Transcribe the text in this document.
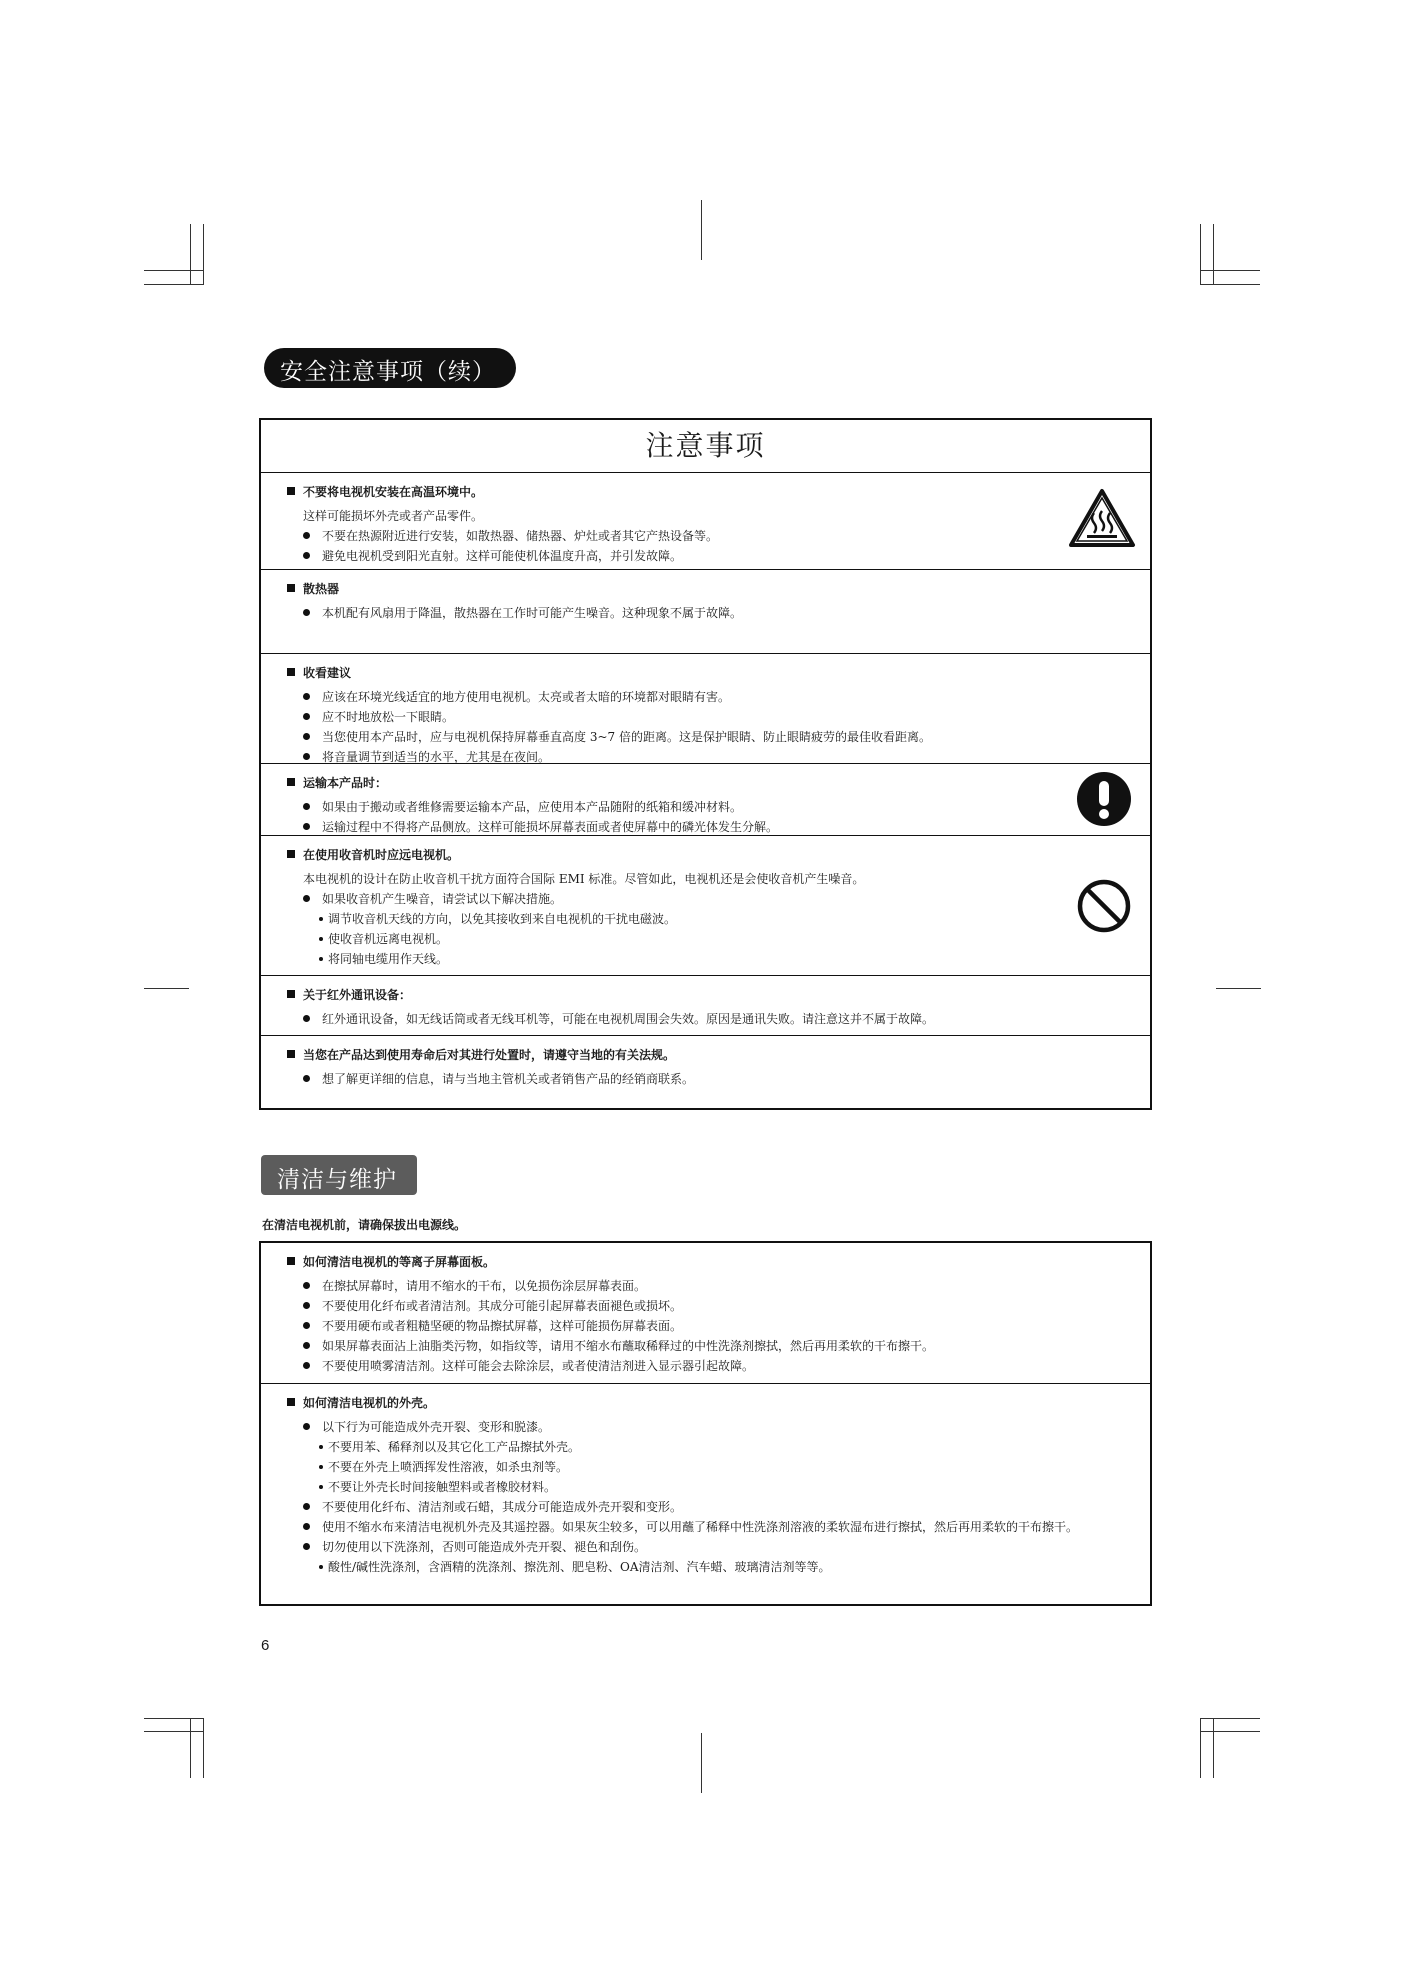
安全注意事项（续）
注意事项
不要将电视机安装在高温环境中。
这样可能损坏外壳或者产品零件。
不要在热源附近进行安装，如散热器、储热器、炉灶或者其它产热设备等。
避免电视机受到阳光直射。这样可能使机体温度升高，并引发故障。
散热器
本机配有风扇用于降温，散热器在工作时可能产生噪音。这种现象不属于故障。
收看建议
应该在环境光线适宜的地方使用电视机。太亮或者太暗的环境都对眼睛有害。
应不时地放松一下眼睛。
当您使用本产品时，应与电视机保持屏幕垂直高度 3~7 倍的距离。这是保护眼睛、防止眼睛疲劳的最佳收看距离。
将音量调节到适当的水平，尤其是在夜间。
运输本产品时：
如果由于搬动或者维修需要运输本产品，应使用本产品随附的纸箱和缓冲材料。
运输过程中不得将产品侧放。这样可能损坏屏幕表面或者使屏幕中的磷光体发生分解。
在使用收音机时应远电视机。
本电视机的设计在防止收音机干扰方面符合国际 EMI 标准。尽管如此，电视机还是会使收音机产生噪音。
如果收音机产生噪音，请尝试以下解决措施。
调节收音机天线的方向，以免其接收到来自电视机的干扰电磁波。
使收音机远离电视机。
将同轴电缆用作天线。
关于红外通讯设备：
红外通讯设备，如无线话筒或者无线耳机等，可能在电视机周围会失效。原因是通讯失败。请注意这并不属于故障。
当您在产品达到使用寿命后对其进行处置时，请遵守当地的有关法规。
想了解更详细的信息，请与当地主管机关或者销售产品的经销商联系。
清洁与维护
在清洁电视机前，请确保拔出电源线。
如何清洁电视机的等离子屏幕面板。
在擦拭屏幕时，请用不缩水的干布，以免损伤涂层屏幕表面。
不要使用化纤布或者清洁剂。其成分可能引起屏幕表面褪色或损坏。
不要用硬布或者粗糙坚硬的物品擦拭屏幕，这样可能损伤屏幕表面。
如果屏幕表面沾上油脂类污物，如指纹等，请用不缩水布蘸取稀释过的中性洗涤剂擦拭，然后再用柔软的干布擦干。
不要使用喷雾清洁剂。这样可能会去除涂层，或者使清洁剂进入显示器引起故障。
如何清洁电视机的外壳。
以下行为可能造成外壳开裂、变形和脱漆。
不要用苯、稀释剂以及其它化工产品擦拭外壳。
不要在外壳上喷洒挥发性溶液，如杀虫剂等。
不要让外壳长时间接触塑料或者橡胶材料。
不要使用化纤布、清洁剂或石蜡，其成分可能造成外壳开裂和变形。
使用不缩水布来清洁电视机外壳及其遥控器。如果灰尘较多，可以用蘸了稀释中性洗涤剂溶液的柔软湿布进行擦拭，然后再用柔软的干布擦干。
切勿使用以下洗涤剂，否则可能造成外壳开裂、褪色和刮伤。
酸性/碱性洗涤剂，含酒精的洗涤剂、擦洗剂、肥皂粉、OA清洁剂、汽车蜡、玻璃清洁剂等等。
6
